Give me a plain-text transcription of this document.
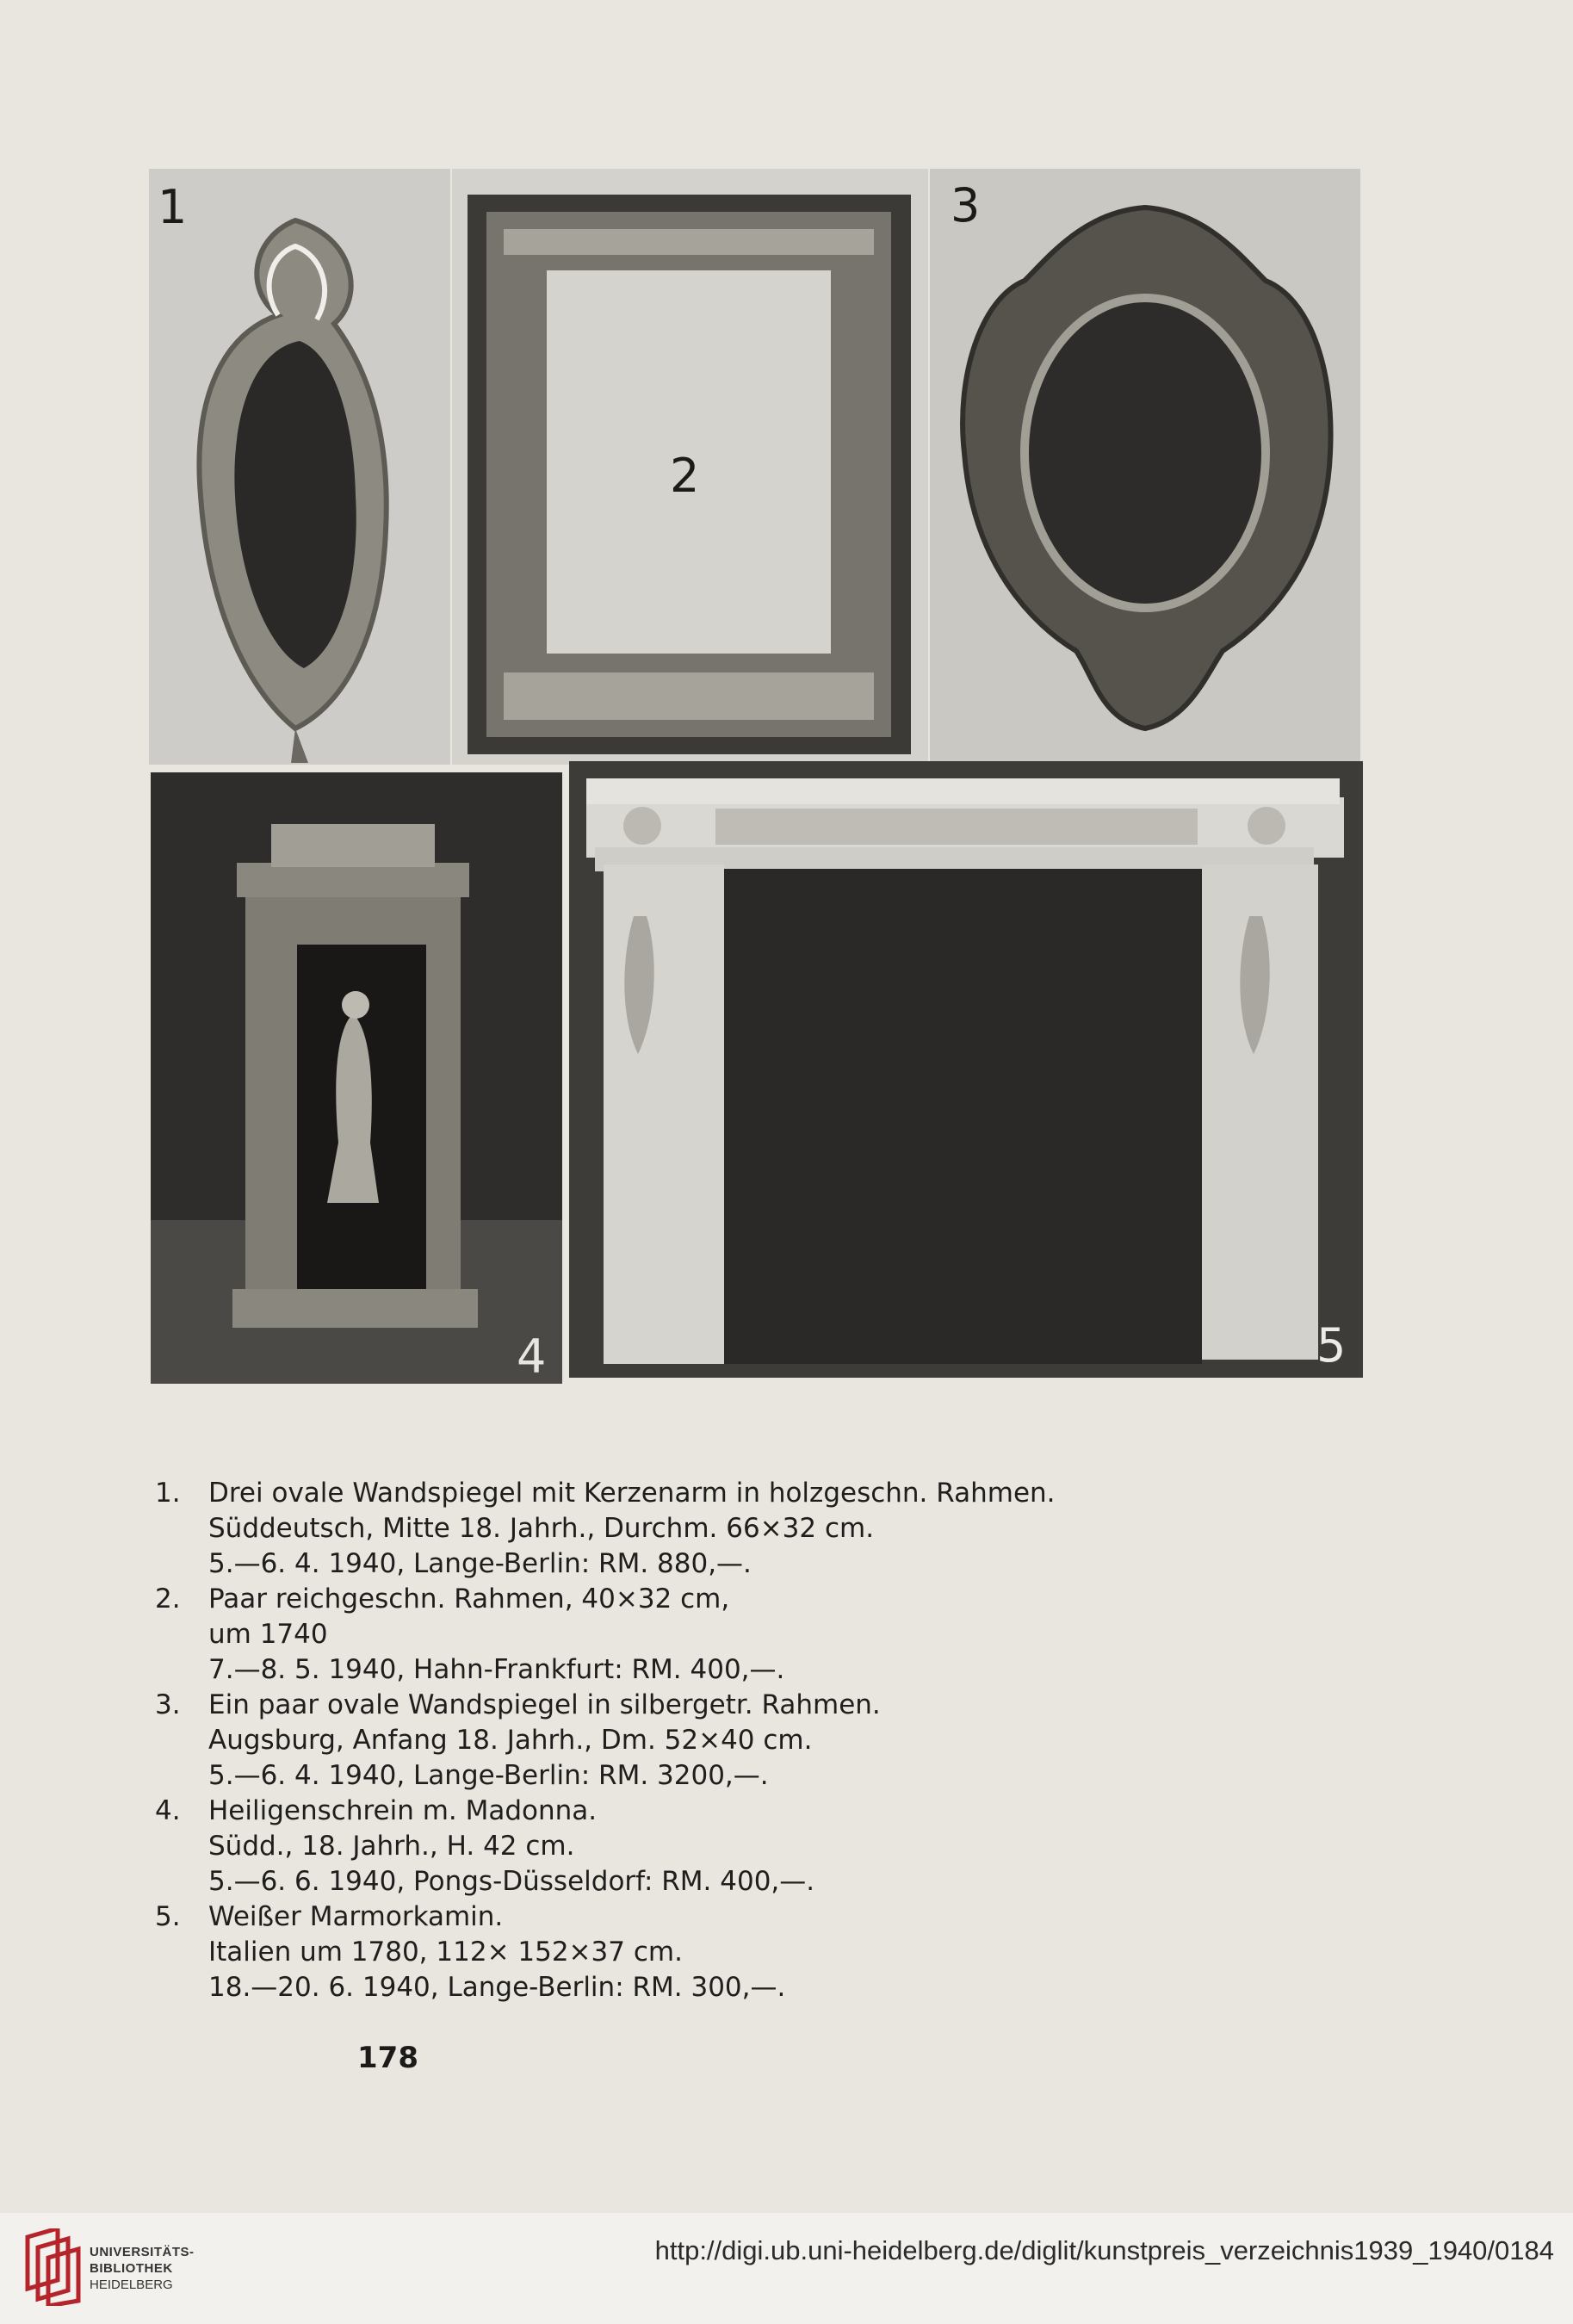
1
2
3
4	5
1. Drei ovale Wandspiegel mit Kerzenarm in holzgeschn. Rahmen.
Süddeutsch, Mitte 18. Jahrh., Durchm. 66×32 cm.
5.—6. 4. 1940, Lange-Berlin: RM. 880,—.
2. Paar reichgeschn. Rahmen, 40×32 cm,
um 1740
7.—8. 5. 1940, Hahn-Frankfurt: RM. 400,—.
3. Ein paar ovale Wandspiegel in silbergetr. Rahmen.
Augsburg, Anfang 18. Jahrh., Dm. 52×40 cm.
5.—6. 4. 1940, Lange-Berlin: RM. 3200,—.
4. Heiligenschrein m. Madonna.
Südd., 18. Jahrh., H. 42 cm.
5.—6. 6. 1940, Pongs-Düsseldorf: RM. 400,—.
5. Weißer Marmorkamin.
Italien um 1780, 112× 152×37 cm.
18.—20. 6. 1940, Lange-Berlin: RM. 300,—.
178
UNIVERSITÄTS-
BIBLIOTHEK
HEIDELBERG
http://digi.ub.uni-heidelberg.de/diglit/kunstpreis_verzeichnis1939_1940/0184
